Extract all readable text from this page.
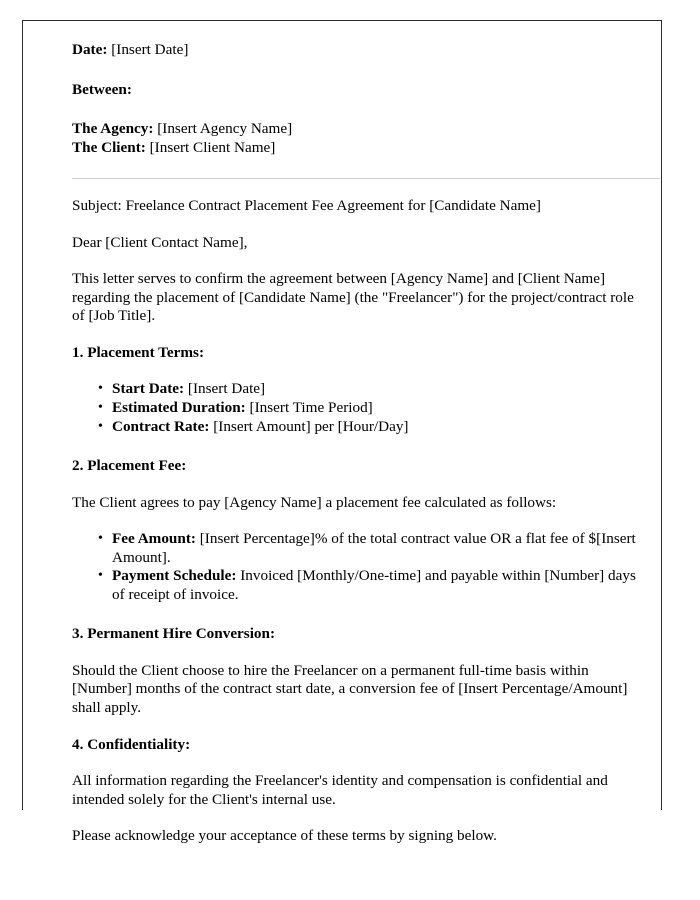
Date: [Insert Date]

Between:

The Agency: [Insert Agency Name]
The Client: [Insert Client Name]

Subject: Freelance Contract Placement Fee Agreement for [Candidate Name]

Dear [Client Contact Name],

This letter serves to confirm the agreement between [Agency Name] and [Client Name] regarding the placement of [Candidate Name] (the "Freelancer") for the project/contract role of [Job Title].

1. Placement Terms:

• Start Date: [Insert Date]
• Estimated Duration: [Insert Time Period]
• Contract Rate: [Insert Amount] per [Hour/Day]

2. Placement Fee:

The Client agrees to pay [Agency Name] a placement fee calculated as follows:

• Fee Amount: [Insert Percentage]% of the total contract value OR a flat fee of $[Insert Amount].
• Payment Schedule: Invoiced [Monthly/One-time] and payable within [Number] days of receipt of invoice.

3. Permanent Hire Conversion:

Should the Client choose to hire the Freelancer on a permanent full-time basis within [Number] months of the contract start date, a conversion fee of [Insert Percentage/Amount] shall apply.

4. Confidentiality:

All information regarding the Freelancer's identity and compensation is confidential and intended solely for the Client's internal use.

Please acknowledge your acceptance of these terms by signing below.
